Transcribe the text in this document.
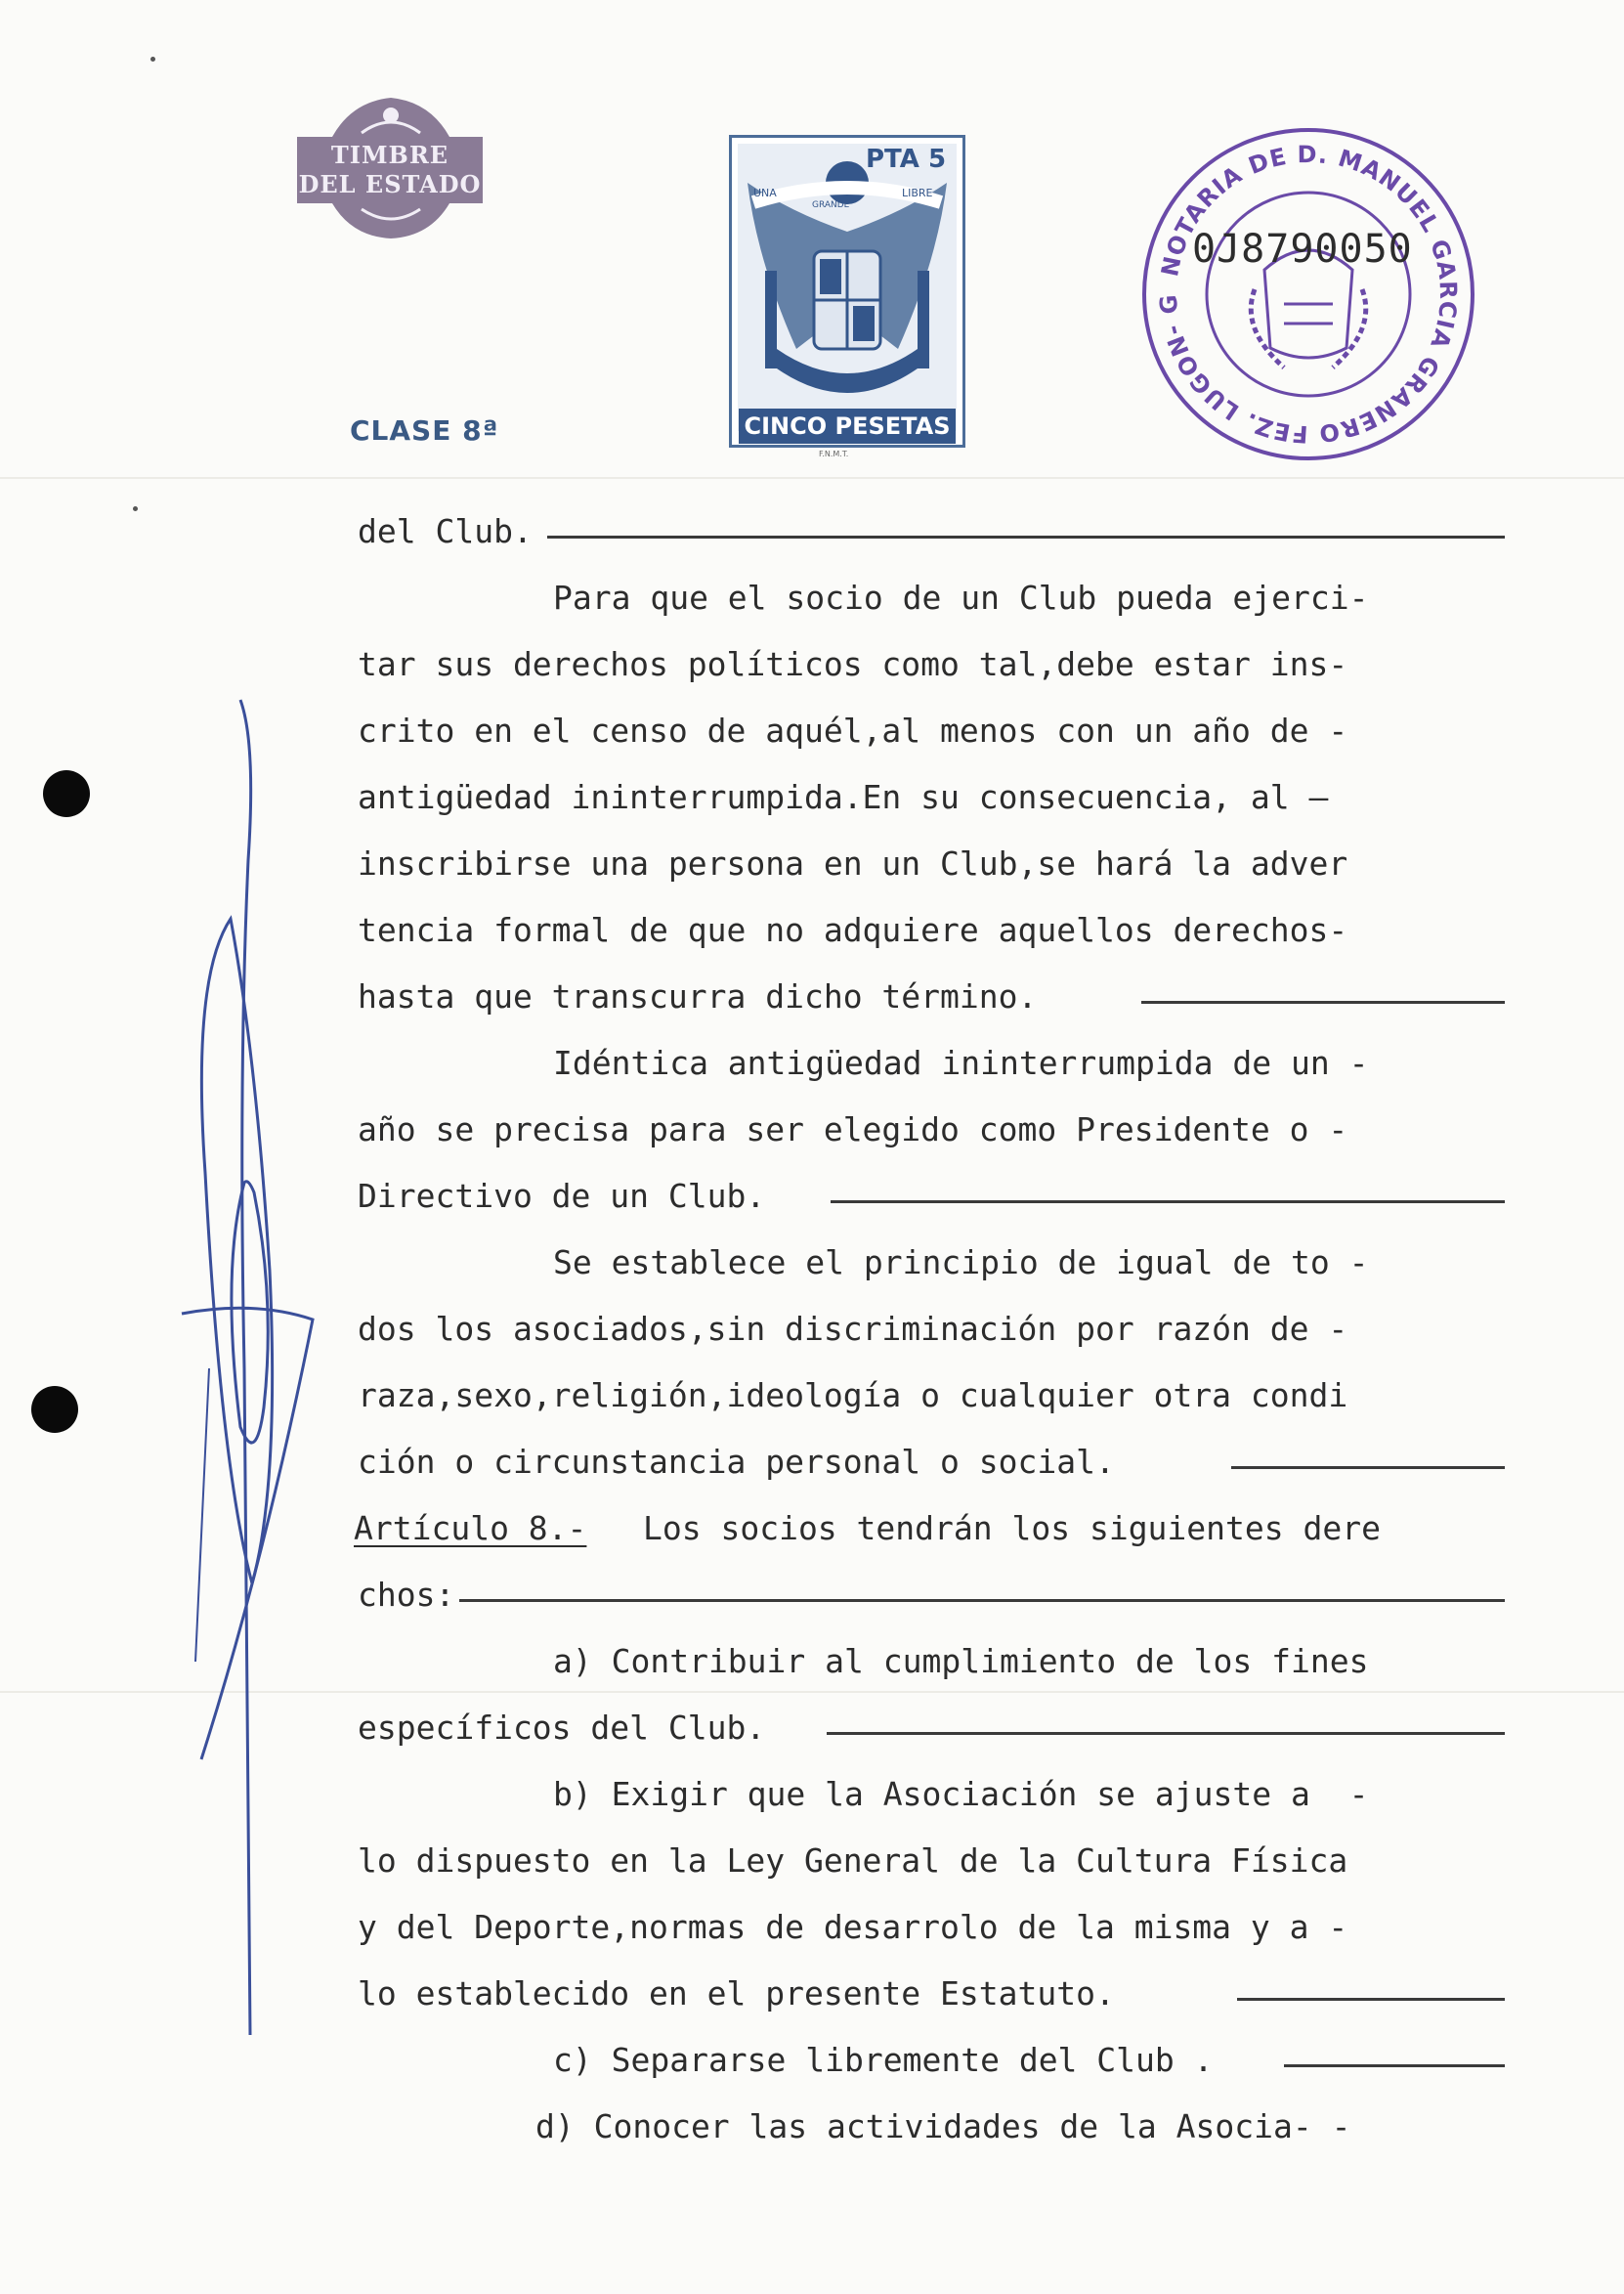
TIMBRE
DEL ESTADO
CLASE 8ª
UNA
GRANDE
LIBRE
PTA 5
CINCO PESETAS
F.N.M.T.
NOTARIA DE D. MANUEL GARCIA GRANERO FEZ. LUGON- G
0J8790050
del Club.
Para que el socio de un Club pueda ejerci-
tar sus derechos políticos como tal,debe estar ins-
crito en el censo de aquél,al menos con un año de -
antigüedad ininterrumpida.En su consecuencia, al —
inscribirse una persona en un Club,se hará la adver
tencia formal de que no adquiere aquellos derechos-
hasta que transcurra dicho término.
Idéntica antigüedad ininterrumpida de un -
año se precisa para ser elegido como Presidente o -
Directivo de un Club.
Se establece el principio de igual de to -
dos los asociados,sin discriminación por razón de -
raza,sexo,religión,ideología o cualquier otra condi
ción o circunstancia personal o social.
Artículo 8.- Los socios tendrán los siguientes dere
chos:
a) Contribuir al cumplimiento de los fines
específicos del Club.
b) Exigir que la Asociación se ajuste a  -
lo dispuesto en la Ley General de la Cultura Física
y del Deporte,normas de desarrolo de la misma y a -
lo establecido en el presente Estatuto.
c) Separarse libremente del Club .
d) Conocer las actividades de la Asocia- -
